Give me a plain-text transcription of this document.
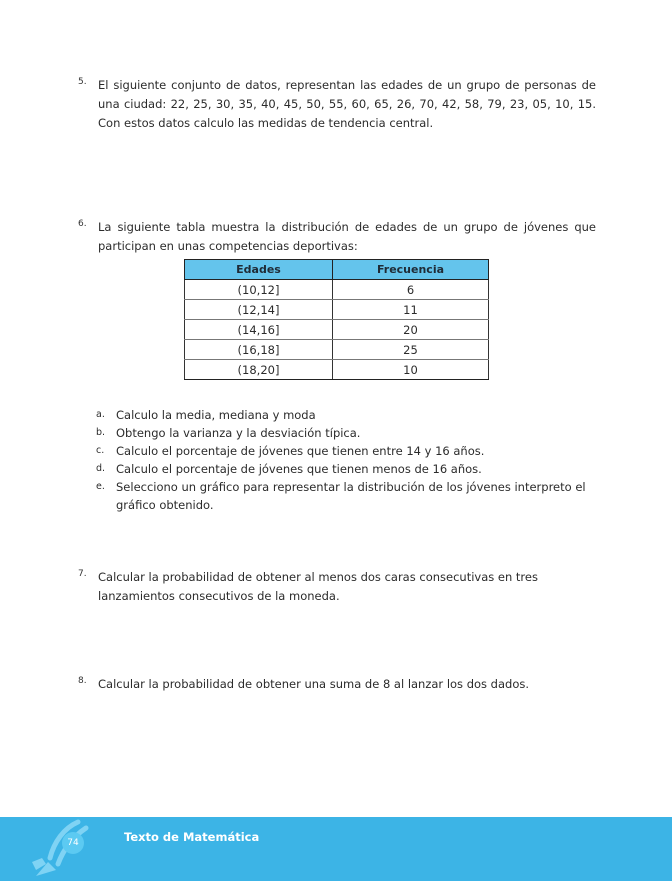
5. El siguiente conjunto de datos, representan las edades de un grupo de personas de una ciudad: 22, 25, 30, 35, 40, 45, 50, 55, 60, 65, 26, 70, 42, 58, 79, 23, 05, 10, 15. Con estos datos calculo las medidas de tendencia central.
6. La siguiente tabla muestra la distribución de edades de un grupo de jóvenes que participan en unas competencias deportivas:
Edades	Frecuencia
(10,12]	6
(12,14]	11
(14,16]	20
(16,18]	25
(18,20]	10
a. Calculo la media, mediana y moda
b. Obtengo la varianza y la desviación típica.
c. Calculo el porcentaje de jóvenes que tienen entre 14 y 16 años.
d. Calculo el porcentaje de jóvenes que tienen menos de 16 años.
e. Selecciono un gráfico para representar la distribución de los jóvenes interpreto el gráfico obtenido.
7. Calcular la probabilidad de obtener al menos dos caras consecutivas en tres lanzamientos consecutivos de la moneda.
8. Calcular la probabilidad de obtener una suma de 8 al lanzar los dos dados.
74	Texto de Matemática
